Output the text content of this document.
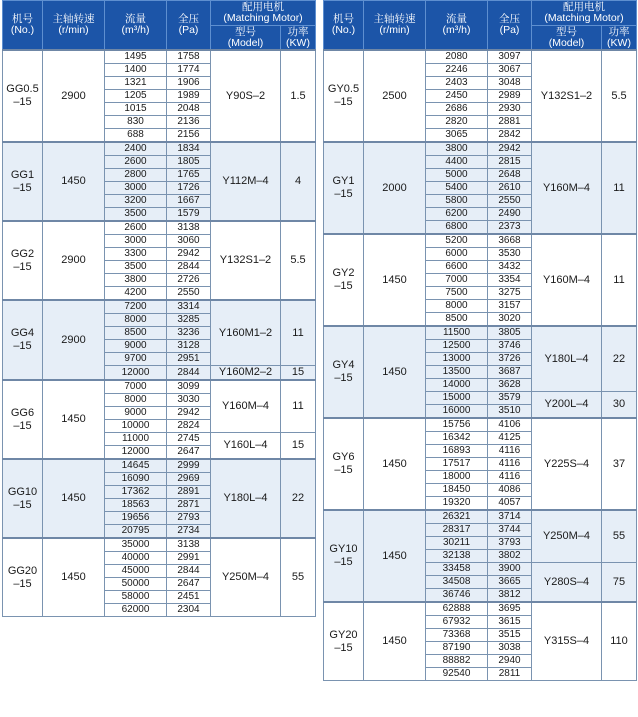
机号
(No.)	主轴转速
(r/min)	流量
(m³/h)	全压
(Pa)	配用电机
(Matching Motor)	

				型号
(Model)	功率
(KW)

GG0.5
–15	2900	1495	1758	Y90S–2	1.5
		1400	1774		
		1321	1906		
		1205	1989		
		1015	2048		
		830	2136		
		688	2156		

GG1
–15	1450	2400	1834	Y112M–4	4
		2600	1805		
		2800	1765		
		3000	1726		
		3200	1667		
		3500	1579		

GG2
–15	2900	2600	3138	Y132S1–2	5.5
		3000	3060		
		3300	2942		
		3500	2844		
		3800	2726		
		4200	2550		

GG4
–15	2900	7200	3314	Y160M1–2	11
		8000	3285		
		8500	3236		
		9000	3128		
		9700	2951		
		12000	2844	Y160M2–2	15

GG6
–15	1450	7000	3099	Y160M–4	11
		8000	3030		
		9000	2942		
		10000	2824		
		11000	2745	Y160L–4	15
		12000	2647		

GG10
–15	1450	14645	2999	Y180L–4	22
		16090	2969		
		17362	2891		
		18563	2871		
		19656	2793		
		20795	2734		

GG20
–15	1450	35000	3138	Y250M–4	55
		40000	2991		
		45000	2844		
		50000	2647		
		58000	2451		
		62000	2304		
机号
(No.)	主轴转速
(r/min)	流量
(m³/h)	全压
(Pa)	配用电机
(Matching Motor)	

				型号
(Model)	功率
(KW)

GY0.5
–15	2500	2080	3097	Y132S1–2	5.5
		2246	3067		
		2403	3048		
		2450	2989		
		2686	2930		
		2820	2881		
		3065	2842		

GY1
–15	2000	3800	2942	Y160M–4	11
		4400	2815		
		5000	2648		
		5400	2610		
		5800	2550		
		6200	2490		
		6800	2373		

GY2
–15	1450	5200	3668	Y160M–4	11
		6000	3530		
		6600	3432		
		7000	3354		
		7500	3275		
		8000	3157		
		8500	3020		

GY4
–15	1450	11500	3805	Y180L–4	22
		12500	3746		
		13000	3726		
		13500	3687		
		14000	3628		
		15000	3579	Y200L–4	30
		16000	3510		

GY6
–15	1450	15756	4106	Y225S–4	37
		16342	4125		
		16893	4116		
		17517	4116		
		18000	4116		
		18450	4086		
		19320	4057		

GY10
–15	1450	26321	3714	Y250M–4	55
		28317	3744		
		30211	3793		
		32138	3802		
		33458	3900	Y280S–4	75
		34508	3665		
		36746	3812		

GY20
–15	1450	62888	3695	Y315S–4	110
		67932	3615		
		73368	3515		
		87190	3038		
		88882	2940		
		92540	2811		
